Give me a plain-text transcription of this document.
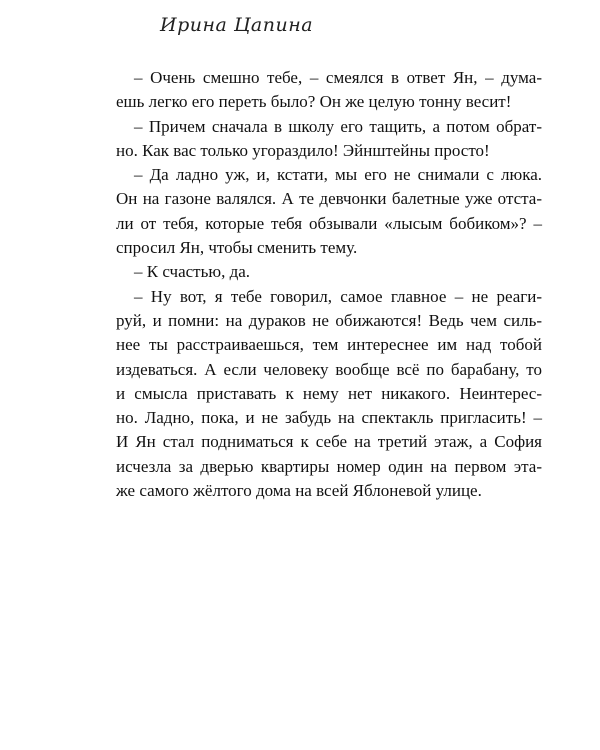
Ирина Цапина
– Очень смешно тебе, – смеялся в ответ Ян, – дума-
ешь легко его переть было? Он же целую тонну весит!
– Причем сначала в школу его тащить, а потом обрат-
но. Как вас только угораздило! Эйнштейны просто!
– Да ладно уж, и, кстати, мы его не снимали с люка.
Он на газоне валялся. А те девчонки балетные уже отста-
ли от тебя, которые тебя обзывали «лысым бобиком»? –
спросил Ян, чтобы сменить тему.
– К счастью, да.
– Ну вот, я тебе говорил, самое главное – не реаги-
руй, и помни: на дураков не обижаются! Ведь чем силь-
нее ты расстраиваешься, тем интереснее им над тобой
издеваться. А если человеку вообще всё по барабану, то
и смысла приставать к нему нет никакого. Неинтерес-
но. Ладно, пока, и не забудь на спектакль пригласить! –
И Ян стал подниматься к себе на третий этаж, а София
исчезла за дверью квартиры номер один на первом эта-
же самого жёлтого дома на всей Яблоневой улице.
